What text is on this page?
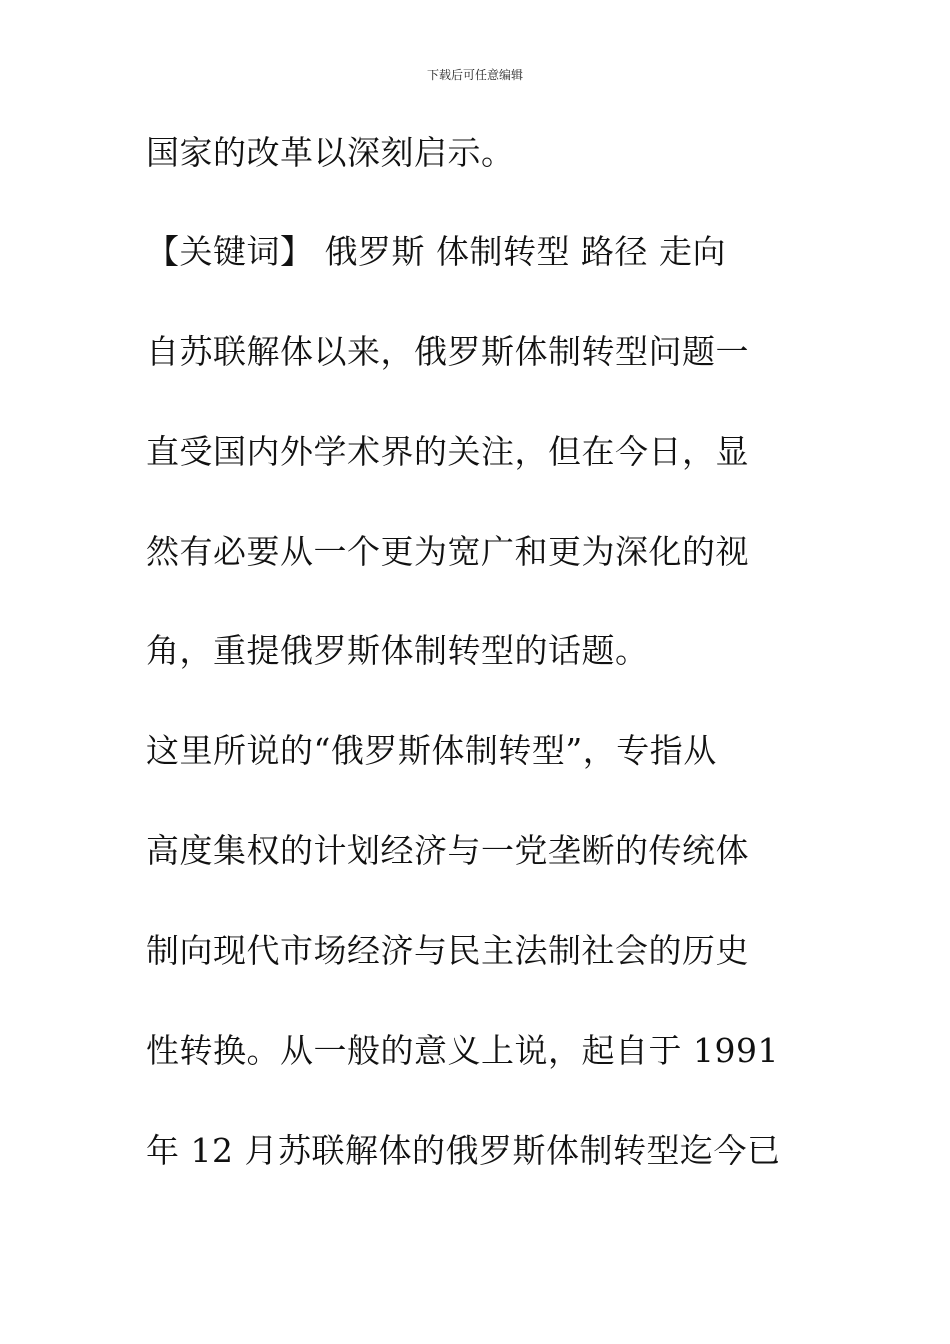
下载后可任意编辑
国家的改革以深刻启示。
【关键词】 俄罗斯 体制转型 路径 走向
自苏联解体以来，俄罗斯体制转型问题一
直受国内外学术界的关注，但在今日，显
然有必要从一个更为宽广和更为深化的视
角，重提俄罗斯体制转型的话题。
这里所说的“俄罗斯体制转型”，专指从
高度集权的计划经济与一党垄断的传统体
制向现代市场经济与民主法制社会的历史
性转换。从一般的意义上说，起自于 1991
年 12 月苏联解体的俄罗斯体制转型迄今已
